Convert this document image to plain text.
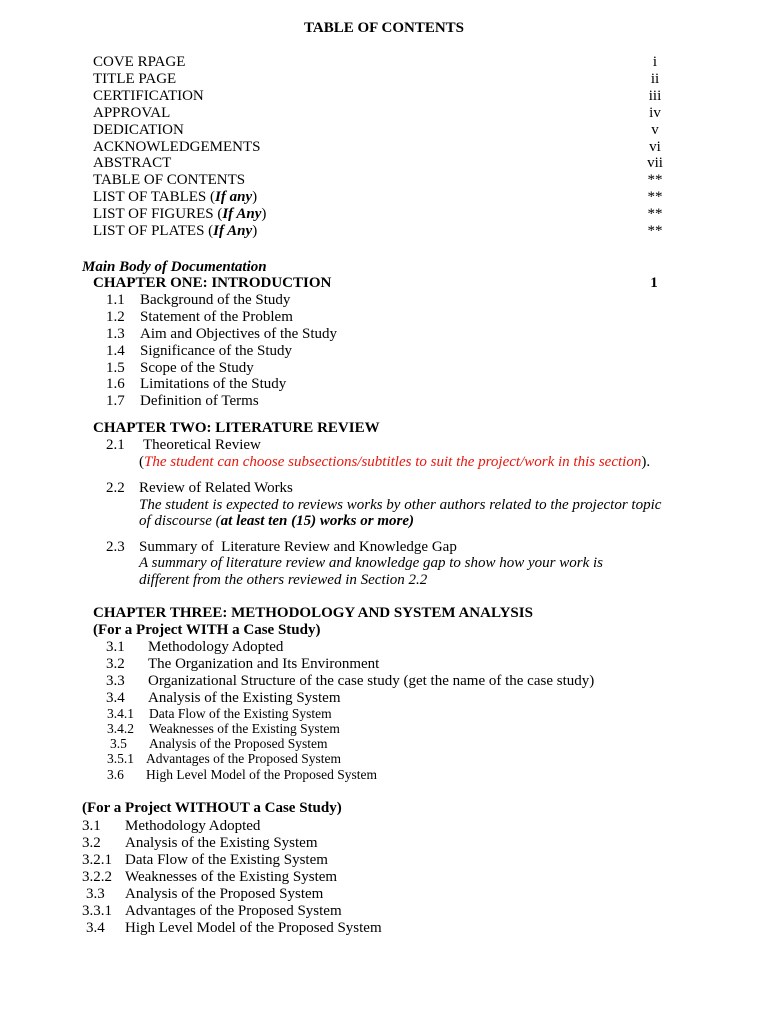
TABLE OF CONTENTS
COVE RPAGE	i
TITLE PAGE	ii
CERTIFICATION	iii
APPROVAL	iv
DEDICATION	v
ACKNOWLEDGEMENTS	vi
ABSTRACT	vii
TABLE OF CONTENTS	**
LIST OF TABLES (If any)	**
LIST OF FIGURES (If Any)	**
LIST OF PLATES (If Any)	**
Main Body of Documentation
CHAPTER ONE: INTRODUCTION	1
1.1 Background of the Study
1.2 Statement of the Problem
1.3 Aim and Objectives of the Study
1.4 Significance of the Study
1.5 Scope of the Study
1.6 Limitations of the Study
1.7 Definition of Terms
CHAPTER TWO: LITERATURE REVIEW
2.1 Theoretical Review
(The student can choose subsections/subtitles to suit the project/work in this section).
2.2 Review of Related Works
The student is expected to reviews works by other authors related to the projector topic
of discourse (at least ten (15) works or more)
2.3 Summary of  Literature Review and Knowledge Gap
A summary of literature review and knowledge gap to show how your work is
different from the others reviewed in Section 2.2
CHAPTER THREE: METHODOLOGY AND SYSTEM ANALYSIS
(For a Project WITH a Case Study)
3.1 Methodology Adopted
3.2 The Organization and Its Environment
3.3 Organizational Structure of the case study (get the name of the case study)
3.4 Analysis of the Existing System
3.4.1 Data Flow of the Existing System
3.4.2 Weaknesses of the Existing System
3.5 Analysis of the Proposed System
3.5.1 Advantages of the Proposed System
3.6 High Level Model of the Proposed System
(For a Project WITHOUT a Case Study)
3.1 Methodology Adopted
3.2 Analysis of the Existing System
3.2.1 Data Flow of the Existing System
3.2.2 Weaknesses of the Existing System
3.3 Analysis of the Proposed System
3.3.1 Advantages of the Proposed System
3.4 High Level Model of the Proposed System
